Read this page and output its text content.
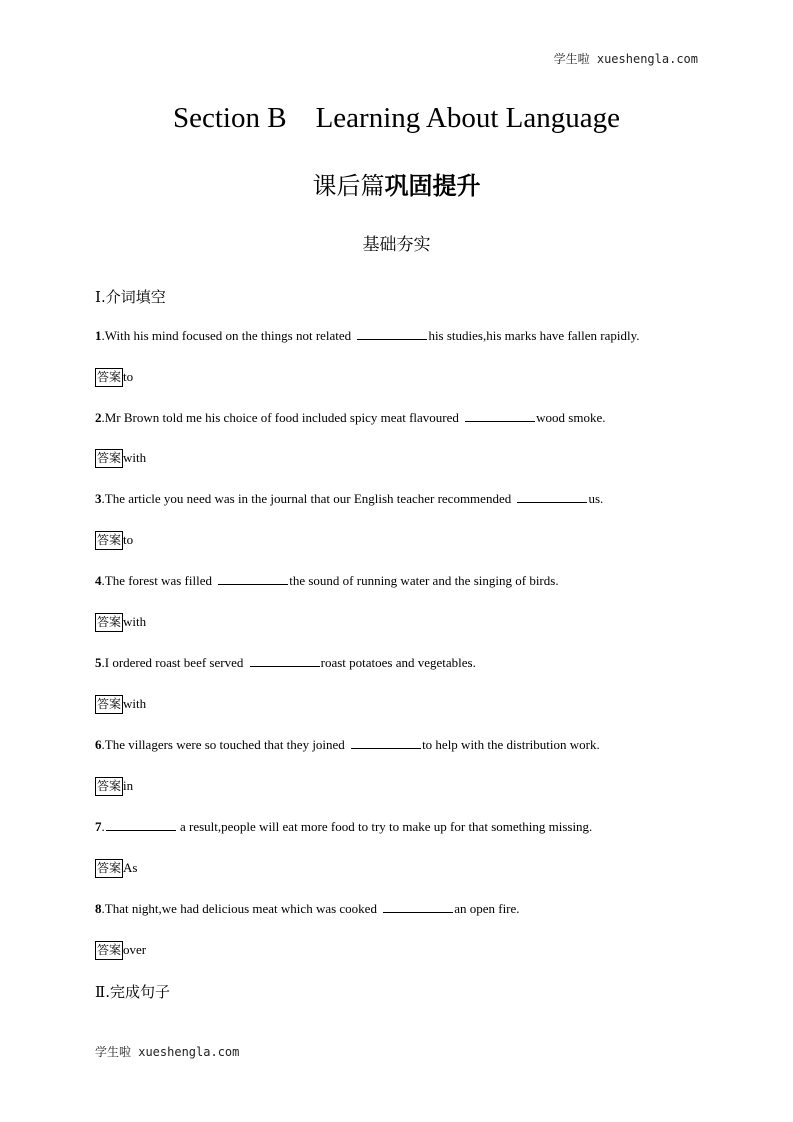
学生啦 xueshengla.com
Section B    Learning About Language
课后篇巩固提升
基础夯实
Ⅰ.介词填空
1.With his mind focused on the things not related	his studies,his marks have fallen rapidly.
答案 to
2.Mr Brown told me his choice of food included spicy meat flavoured	wood smoke.
答案 with
3.The article you need was in the journal that our English teacher recommended	us.
答案 to
4.The forest was filled	the sound of running water and the singing of birds.
答案 with
5.I ordered roast beef served	roast potatoes and vegetables.
答案 with
6.The villagers were so touched that they joined	to help with the distribution work.
答案 in
7.	a result,people will eat more food to try to make up for that something missing.
答案 As
8.That night,we had delicious meat which was cooked	an open fire.
答案 over
Ⅱ.完成句子
学生啦 xueshengla.com
